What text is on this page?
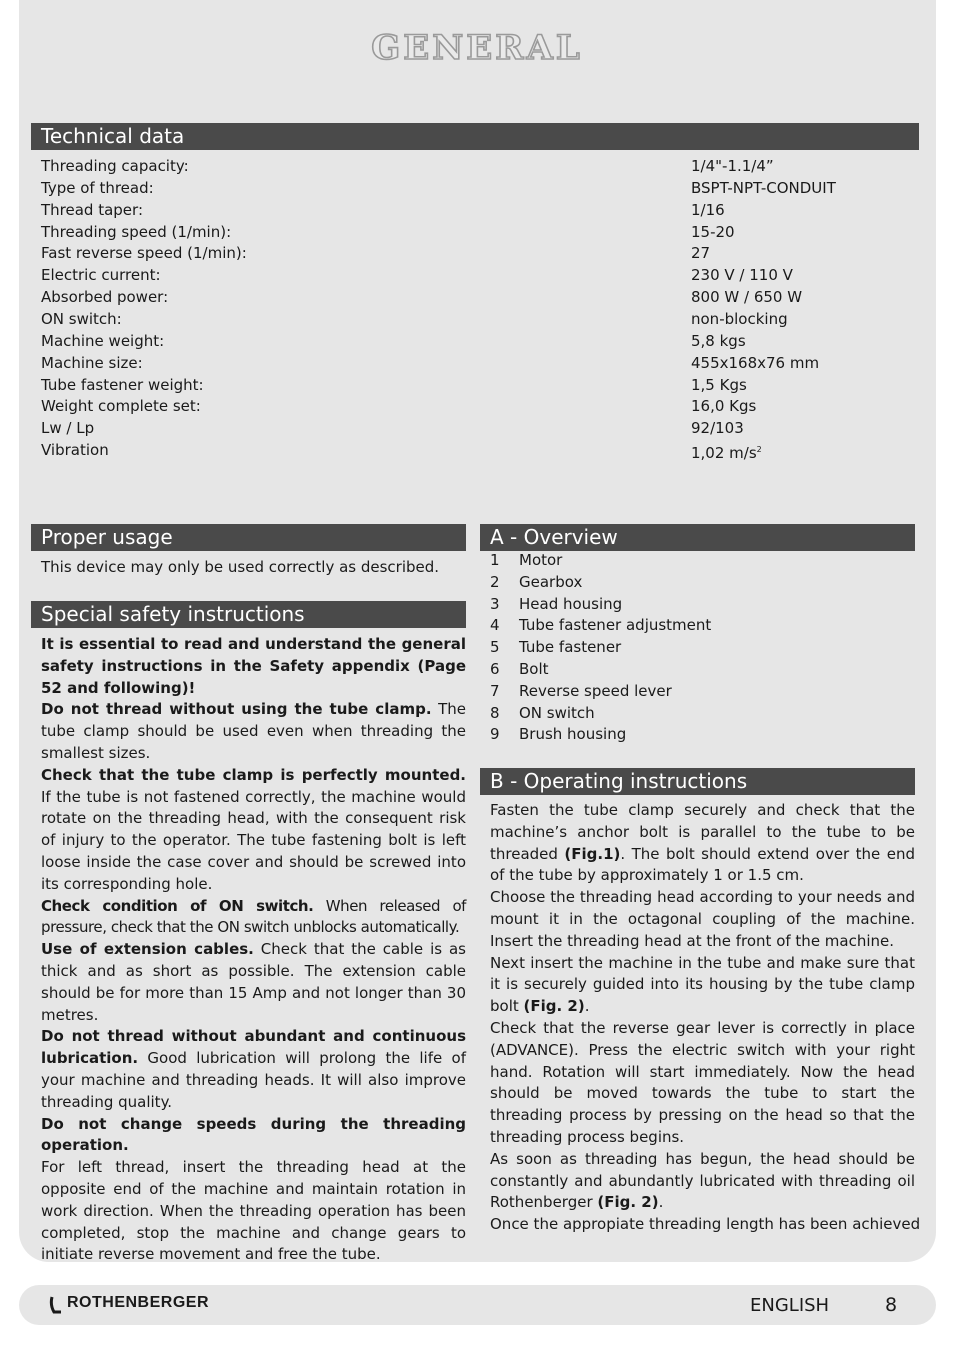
GENERAL
Technical data
Threading capacity:	1/4"-1.1/4”
Type of thread:	BSPT-NPT-CONDUIT
Thread taper:	1/16
Threading speed (1/min):	15-20
Fast reverse speed (1/min):	27
Electric current:	230 V / 110 V
Absorbed power:	800 W / 650 W
ON switch:	non-blocking
Machine weight:	5,8 kgs
Machine size:	455x168x76 mm
Tube fastener weight:	1,5 Kgs
Weight complete set:	16,0 Kgs
Lw / Lp	92/103
Vibration	1,02 $m/s^2$
Proper usage

This device may only be used correctly as described.

Special safety instructions

It is essential to read and understand the general safety instructions in the Safety appendix (Page 52 and following)!

Do not thread without using the tube clamp. The tube clamp should be used even when threading the smallest sizes.

Check that the tube clamp is perfectly mounted. If the tube is not fastened correctly, the machine would rotate on the threading head, with the consequent risk of injury to the operator. The tube fastening bolt is left loose inside the case cover and should be screwed into its corresponding hole.

Check condition of ON switch. When released of pressure, check that the ON switch unblocks automatically.

Use of extension cables. Check that the cable is as thick and as short as possible. The extension cable should be for more than 15 Amp and not longer than 30 metres.

Do not thread without abundant and continuous lubrication. Good lubrication will prolong the life of your machine and threading heads. It will also improve threading quality.

Do not change speeds during the threading operation.

For left thread, insert the threading head at the opposite end of the machine and maintain rotation in work direction. When the threading operation has been completed, stop the machine and change gears to initiate reverse movement and free the tube.

A - Overview
1 Motor
2 Gearbox
3 Head housing
4 Tube fastener adjustment
5 Tube fastener
6 Bolt
7 Reverse speed lever
8 ON switch
9 Brush housing
B - Operating instructions

Fasten the tube clamp securely and check that the machine’s anchor bolt is parallel to the tube to be threaded (Fig.1). The bolt should extend over the end of the tube by approximately 1 or 1.5 cm.

Choose the threading head according to your needs and mount it in the octagonal coupling of the machine. Insert the threading head at the front of the machine.

Next insert the machine in the tube and make sure that it is securely guided into its housing by the tube clamp bolt (Fig. 2).

Check that the reverse gear lever is correctly in place (ADVANCE). Press the electric switch with your right hand. Rotation will start immediately. Now the head should be moved towards the tube to start the threading process by pressing on the head so that the threading process begins.

As soon as threading has begun, the head should be constantly and abundantly lubricated with threading oil Rothenberger (Fig. 2).

Once the appropiate threading length has been achieved

ROTHENBERGER	ENGLISH	8
